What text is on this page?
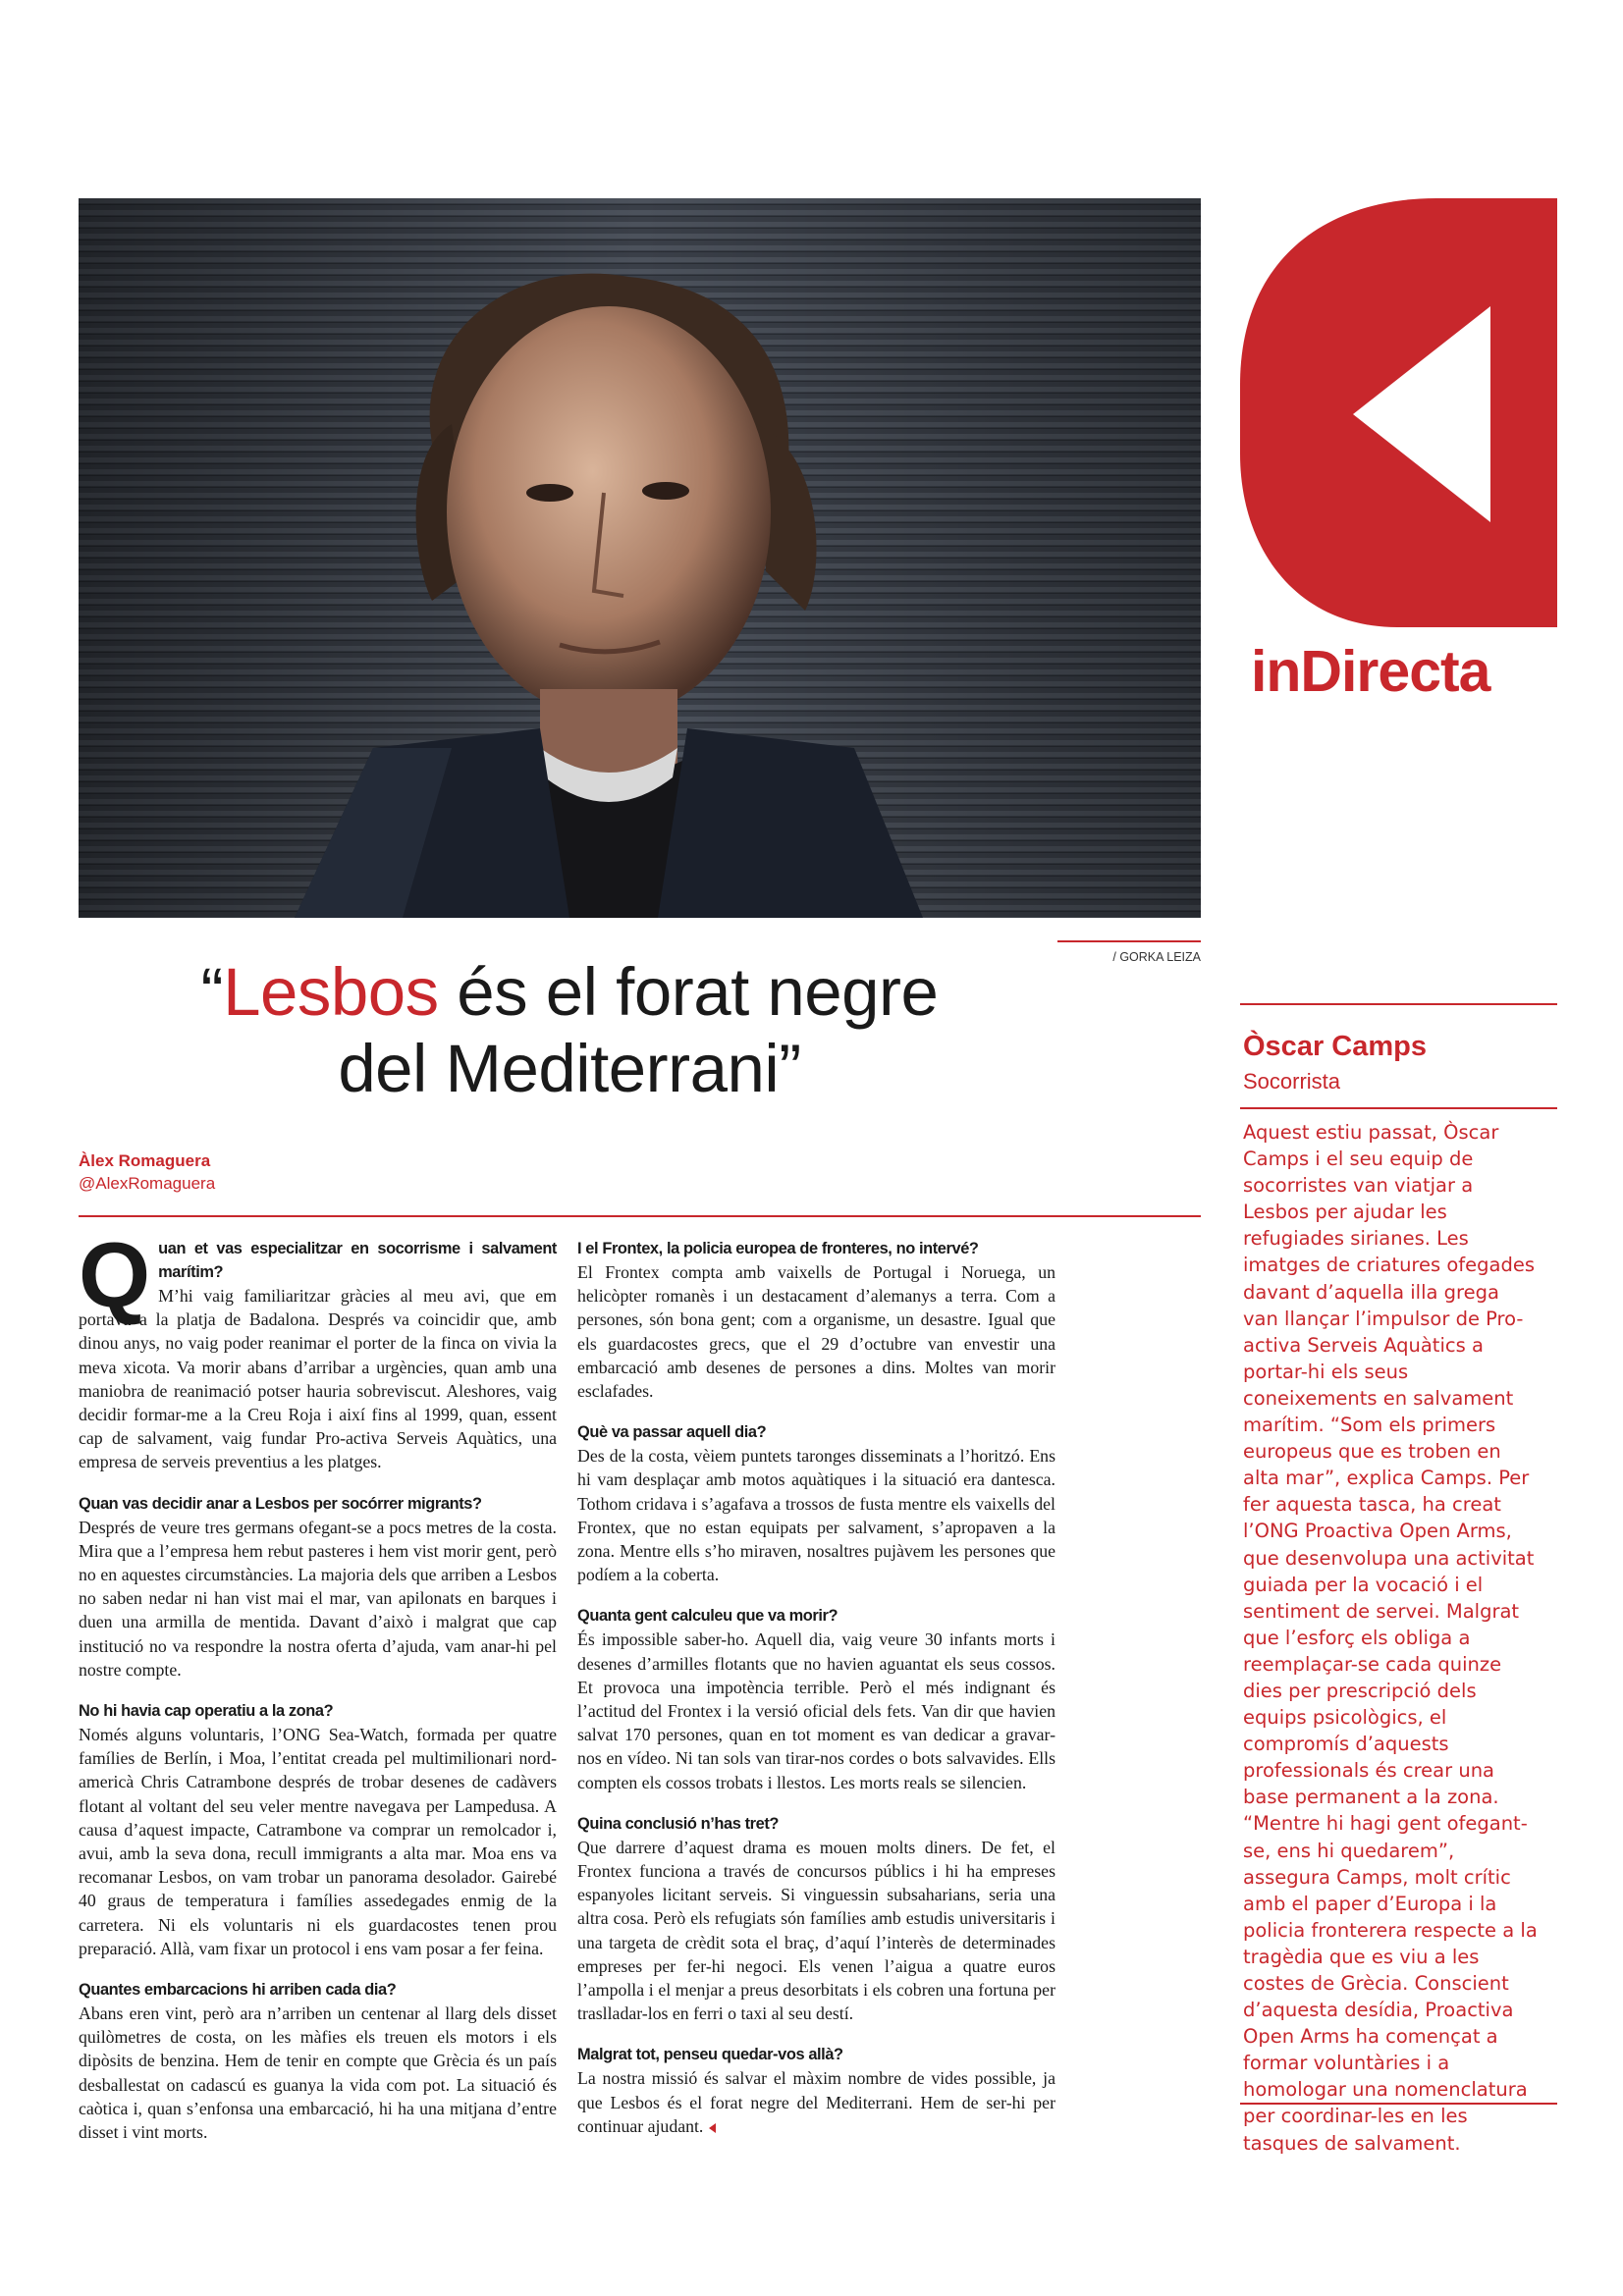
inDirecta
/ GORKA LEIZA
“Lesbos és el forat negre
del Mediterrani”
Àlex Romaguera
@AlexRomaguera
Q uan et vas especialitzar en socorrisme i salvament marítim?

M’hi vaig familiaritzar gràcies al meu avi, que em portava a la platja de Badalona. Després va coincidir que, amb dinou anys, no vaig poder reanimar el porter de la finca on vivia la meva xicota. Va morir abans d’arribar a urgències, quan amb una maniobra de reanimació potser hauria sobreviscut. Aleshores, vaig decidir formar-me a la Creu Roja i així fins al 1999, quan, essent cap de salvament, vaig fundar Pro-activa Serveis Aquàtics, una empresa de serveis preventius a les platges.

Quan vas decidir anar a Lesbos per socórrer migrants?

Després de veure tres germans ofegant-se a pocs metres de la costa. Mira que a l’empresa hem rebut pasteres i hem vist morir gent, però no en aquestes circumstàncies. La majoria dels que arriben a Lesbos no saben nedar ni han vist mai el mar, van apilonats en barques i duen una armilla de mentida. Davant d’això i malgrat que cap institució no va respondre la nostra oferta d’ajuda, vam anar-hi pel nostre compte.

No hi havia cap operatiu a la zona?

Només alguns voluntaris, l’ONG Sea-Watch, formada per quatre famílies de Berlín, i Moa, l’entitat creada pel multimilionari nord-americà Chris Catrambone després de trobar desenes de cadàvers flotant al voltant del seu veler mentre navegava per Lampedusa. A causa d’aquest impacte, Catrambone va comprar un remolcador i, avui, amb la seva dona, recull immigrants a alta mar. Moa ens va recomanar Lesbos, on vam trobar un panorama desolador. Gairebé 40 graus de temperatura i famílies assedegades enmig de la carretera. Ni els voluntaris ni els guardacostes tenen prou preparació. Allà, vam fixar un protocol i ens vam posar a fer feina.

Quantes embarcacions hi arriben cada dia?

Abans eren vint, però ara n’arriben un centenar al llarg dels disset quilòmetres de costa, on les màfies els treuen els motors i els dipòsits de benzina. Hem de tenir en compte que Grècia és un país desballestat on cadascú es guanya la vida com pot. La situació és caòtica i, quan s’enfonsa una embarcació, hi ha una mitjana d’entre disset i vint morts.

I el Frontex, la policia europea de fronteres, no intervé?

El Frontex compta amb vaixells de Portugal i Noruega, un helicòpter romanès i un destacament d’alemanys a terra. Com a persones, són bona gent; com a organisme, un desastre. Igual que els guardacostes grecs, que el 29 d’octubre van envestir una embarcació amb desenes de persones a dins. Moltes van morir esclafades.

Què va passar aquell dia?

Des de la costa, vèiem puntets taronges disseminats a l’horitzó. Ens hi vam desplaçar amb motos aquàtiques i la situació era dantesca. Tothom cridava i s’agafava a trossos de fusta mentre els vaixells del Frontex, que no estan equipats per salvament, s’apropaven a la zona. Mentre ells s’ho miraven, nosaltres pujàvem les persones que podíem a la coberta.

Quanta gent calculeu que va morir?

És impossible saber-ho. Aquell dia, vaig veure 30 infants morts i desenes d’armilles flotants que no havien aguantat els seus cossos. Et provoca una impotència terrible. Però el més indignant és l’actitud del Frontex i la versió oficial dels fets. Van dir que havien salvat 170 persones, quan en tot moment es van dedicar a gravar-nos en vídeo. Ni tan sols van tirar-nos cordes o bots salvavides. Ells compten els cossos trobats i llestos. Les morts reals se silencien.

Quina conclusió n’has tret?

Que darrere d’aquest drama es mouen molts diners. De fet, el Frontex funciona a través de concursos públics i hi ha empreses espanyoles licitant serveis. Si vinguessin subsaharians, seria una altra cosa. Però els refugiats són famílies amb estudis universitaris i una targeta de crèdit sota el braç, d’aquí l’interès de determinades empreses per fer-hi negoci. Els venen l’aigua a quatre euros l’ampolla i el menjar a preus desorbitats i els cobren una fortuna per traslladar-los en ferri o taxi al seu destí.

Malgrat tot, penseu quedar-vos allà?

La nostra missió és salvar el màxim nombre de vides possible, ja que Lesbos és el forat negre del Mediterrani. Hem de ser-hi per continuar ajudant.

Òscar Camps
Socorrista
Aquest estiu passat, Òscar Camps i el seu equip de socorristes van viatjar a Lesbos per ajudar les refugiades sirianes. Les imatges de criatures ofegades davant d’aquella illa grega van llançar l’impulsor de Pro-activa Serveis Aquàtics a portar-hi els seus coneixements en salvament marítim. “Som els primers europeus que es troben en alta mar”, explica Camps. Per fer aquesta tasca, ha creat l’ONG Proactiva Open Arms, que desenvolupa una activitat guiada per la vocació i el sentiment de servei. Malgrat que l’esforç els obliga a reemplaçar-se cada quinze dies per prescripció dels equips psicològics, el compromís d’aquests professionals és crear una base permanent a la zona. “Mentre hi hagi gent ofegant-se, ens hi quedarem”, assegura Camps, molt crític amb el paper d’Europa i la policia fronterera respecte a la tragèdia que es viu a les costes de Grècia. Conscient d’aquesta desídia, Proactiva Open Arms ha començat a formar voluntàries i a homologar una nomenclatura per coordinar-les en les tasques de salvament.
